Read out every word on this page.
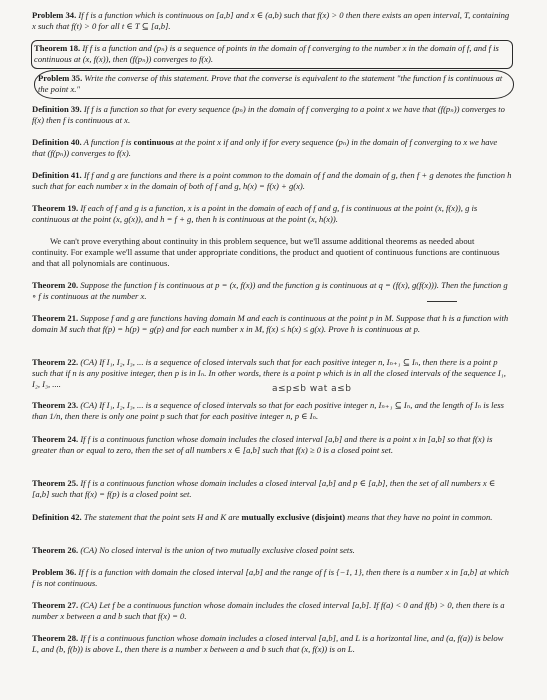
Problem 34. If f is a function which is continuous on [a,b] and x ∈ (a,b) such that f(x) > 0 then there exists an open interval, T, containing x such that f(t) > 0 for all t ∈ T ⊆ [a,b].
Theorem 18. If f is a function and (pₙ) is a sequence of points in the domain of f converging to the number x in the domain of f, and f is continuous at (x, f(x)), then (f(pₙ)) converges to f(x).
Problem 35. Write the converse of this statement. Prove that the converse is equivalent to the statement "the function f is continuous at the point x."
Definition 39. If f is a function so that for every sequence (pₙ) in the domain of f converging to a point x we have that (f(pₙ)) converges to f(x) then f is continuous at x.
Definition 40. A function f is continuous at the point x if and only if for every sequence (pₙ) in the domain of f converging to x we have that (f(pₙ)) converges to f(x).
Definition 41. If f and g are functions and there is a point common to the domain of f and the domain of g, then f + g denotes the function h such that for each number x in the domain of both of f and g, h(x) = f(x) + g(x).
Theorem 19. If each of f and g is a function, x is a point in the domain of each of f and g, f is continuous at the point (x, f(x)), g is continuous at the point (x, g(x)), and h = f + g, then h is continuous at the point (x, h(x)).
We can't prove everything about continuity in this problem sequence, but we'll assume additional theorems as needed about continuity. For example we'll assume that under appropriate conditions, the product and quotient of continuous functions are continuous and that all polynomials are continuous.
Theorem 20. Suppose the function f is continuous at p = (x, f(x)) and the function g is continuous at q = (f(x), g(f(x))). Then the function g ∘ f is continuous at the number x.
Theorem 21. Suppose f and g are functions having domain M and each is continuous at the point p in M. Suppose that h is a function with domain M such that f(p) = h(p) = g(p) and for each number x in M, f(x) ≤ h(x) ≤ g(x). Prove h is continuous at p.
Theorem 22. (CA) If I₁, I₂, I₃, ... is a sequence of closed intervals such that for each positive integer n, Iₙ₊₁ ⊆ Iₙ, then there is a point p such that if n is any positive integer, then p is in Iₙ. In other words, there is a point p which is in all the closed intervals of the sequence I₁, I₂, I₃, ....	a≤p≤b wat a≤b
Theorem 23. (CA) If I₁, I₂, I₃, ... is a sequence of closed intervals so that for each positive integer n, Iₙ₊₁ ⊆ Iₙ, and the length of Iₙ is less than 1/n, then there is only one point p such that for each positive integer n, p ∈ Iₙ.
Theorem 24. If f is a continuous function whose domain includes the closed interval [a,b] and there is a point x in [a,b] so that f(x) is greater than or equal to zero, then the set of all numbers x ∈ [a,b] such that f(x) ≥ 0 is a closed point set.
Theorem 25. If f is a continuous function whose domain includes a closed interval [a,b] and p ∈ [a,b], then the set of all numbers x ∈ [a,b] such that f(x) = f(p) is a closed point set.
Definition 42. The statement that the point sets H and K are mutually exclusive (disjoint) means that they have no point in common.
Theorem 26. (CA) No closed interval is the union of two mutually exclusive closed point sets.
Problem 36. If f is a function with domain the closed interval [a,b] and the range of f is {−1, 1}, then there is a number x in [a,b] at which f is not continuous.
Theorem 27. (CA) Let f be a continuous function whose domain includes the closed interval [a,b]. If f(a) < 0 and f(b) > 0, then there is a number x between a and b such that f(x) = 0.
Theorem 28. If f is a continuous function whose domain includes a closed interval [a,b], and L is a horizontal line, and (a, f(a)) is below L, and (b, f(b)) is above L, then there is a number x between a and b such that (x, f(x)) is on L.
